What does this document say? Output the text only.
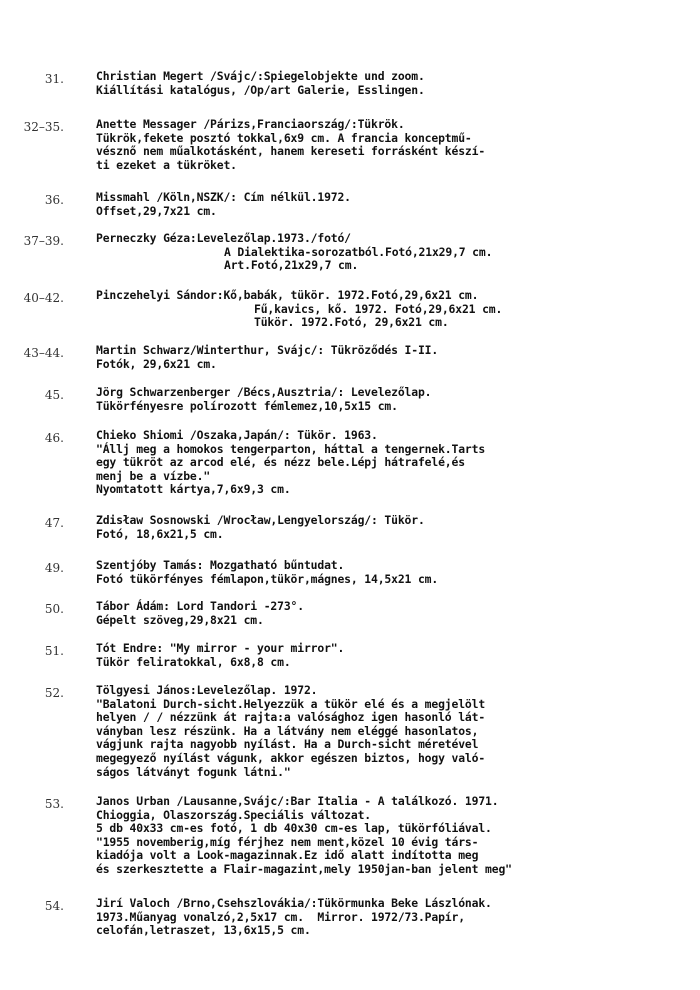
31.	Christian Megert /Svájc/:Spiegelobjekte und zoom.
Kiállítási katalógus, /Op/art Galerie, Esslingen.
32–35.	Anette Messager /Párizs,Franciaország/:Tükrök.
Tükrök,fekete posztó tokkal,6x9 cm. A francia konceptmű-
vésznő nem műalkotásként, hanem kereseti forrásként készí-
ti ezeket a tükröket.
36.	Missmahl /Köln,NSZK/: Cím nélkül.1972.
Offset,29,7x21 cm.
37–39.	Perneczky Géza:Levelezőlap.1973./fotó/
A Dialektika-sorozatból.Fotó,21x29,7 cm.
Art.Fotó,21x29,7 cm.
40–42.	Pinczehelyi Sándor:Kő,babák, tükör. 1972.Fotó,29,6x21 cm.
Fű,kavics, kő. 1972. Fotó,29,6x21 cm.
Tükör. 1972.Fotó, 29,6x21 cm.
43–44.	Martin Schwarz/Winterthur, Svájc/: Tükröződés I-II.
Fotók, 29,6x21 cm.
45.	Jörg Schwarzenberger /Bécs,Ausztria/: Levelezőlap.
Tükörfényesre polírozott fémlemez,10,5x15 cm.
46.	Chieko Shiomi /Oszaka,Japán/: Tükör. 1963.
"Állj meg a homokos tengerparton, háttal a tengernek.Tarts
egy tükröt az arcod elé, és nézz bele.Lépj hátrafelé,és
menj be a vízbe."
Nyomtatott kártya,7,6x9,3 cm.
47.	Zdisław Sosnowski /Wrocław,Lengyelország/: Tükör.
Fotó, 18,6x21,5 cm.
49.	Szentjóby Tamás: Mozgatható bűntudat.
Fotó tükörfényes fémlapon,tükör,mágnes, 14,5x21 cm.
50.	Tábor Ádám: Lord Tandori -273°.
Gépelt szöveg,29,8x21 cm.
51.	Tót Endre: "My mirror - your mirror".
Tükör feliratokkal, 6x8,8 cm.
52.	Tölgyesi János:Levelezőlap. 1972.
"Balatoni Durch-sicht.Helyezzük a tükör elé és a megjelölt
helyen / / nézzünk át rajta:a valósághoz igen hasonló lát-
ványban lesz részünk. Ha a látvány nem eléggé hasonlatos,
vágjunk rajta nagyobb nyílást. Ha a Durch-sicht méretével
megegyező nyílást vágunk, akkor egészen biztos, hogy való-
ságos látványt fogunk látni."
53.	Janos Urban /Lausanne,Svájc/:Bar Italia - A találkozó. 1971.
Chioggia, Olaszország.Speciális változat.
5 db 40x33 cm-es fotó, 1 db 40x30 cm-es lap, tükörfóliával.
"1955 novemberig,míg férjhez nem ment,közel 10 évig társ-
kiadója volt a Look-magazinnak.Ez idő alatt indította meg
és szerkesztette a Flair-magazint,mely 1950jan-ban jelent meg"
54.	Jirí Valoch /Brno,Csehszlovákia/:Tükörmunka Beke Lászlónak.
1973.Műanyag vonalzó,2,5x17 cm.  Mirror. 1972/73.Papír,
celofán,letraszet, 13,6x15,5 cm.
